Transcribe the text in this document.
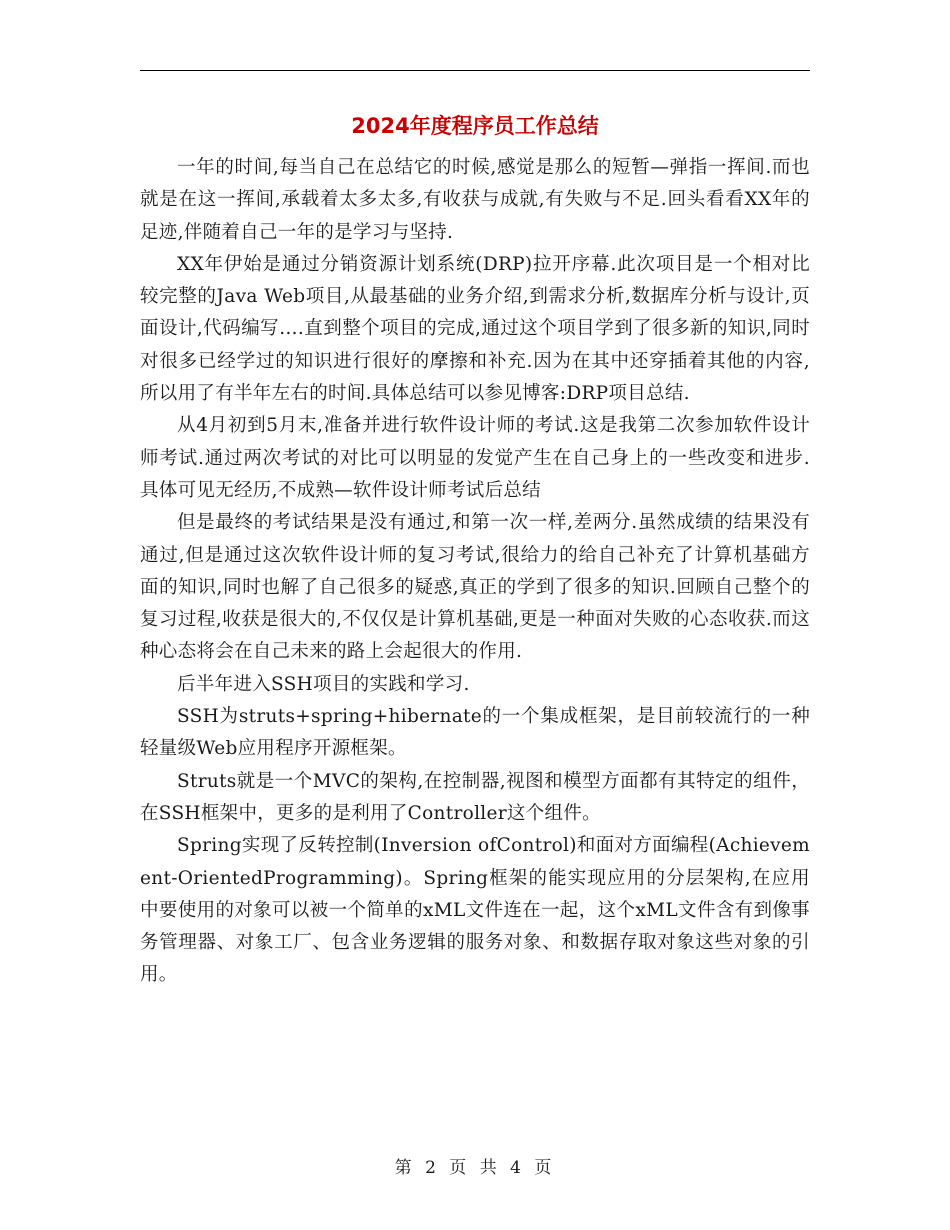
2024年度程序员工作总结

一年的时间,每当自己在总结它的时候,感觉是那么的短暂—弹指一挥间.而也就是在这一挥间,承载着太多太多,有收获与成就,有失败与不足.回头看看XX年的足迹,伴随着自己一年的是学习与坚持.

XX年伊始是通过分销资源计划系统(DRP)拉开序幕.此次项目是一个相对比较完整的Java Web项目,从最基础的业务介绍,到需求分析,数据库分析与设计,页面设计,代码编写….直到整个项目的完成,通过这个项目学到了很多新的知识,同时对很多已经学过的知识进行很好的摩擦和补充.因为在其中还穿插着其他的内容,所以用了有半年左右的时间.具体总结可以参见博客:DRP项目总结.

从4月初到5月末,准备并进行软件设计师的考试.这是我第二次参加软件设计师考试.通过两次考试的对比可以明显的发觉产生在自己身上的一些改变和进步.具体可见无经历,不成熟—软件设计师考试后总结

但是最终的考试结果是没有通过,和第一次一样,差两分.虽然成绩的结果没有通过,但是通过这次软件设计师的复习考试,很给力的给自己补充了计算机基础方面的知识,同时也解了自己很多的疑惑,真正的学到了很多的知识.回顾自己整个的复习过程,收获是很大的,不仅仅是计算机基础,更是一种面对失败的心态收获.而这种心态将会在自己未来的路上会起很大的作用.

后半年进入SSH项目的实践和学习.

SSH为struts+spring+hibernate的一个集成框架，是目前较流行的一种轻量级Web应用程序开源框架。

Struts就是一个MVC的架构,在控制器,视图和模型方面都有其特定的组件，在SSH框架中，更多的是利用了Controller这个组件。

Spring实现了反转控制(Inversion ofControl)和面对方面编程(Achievement-OrientedProgramming)。Spring框架的能实现应用的分层架构,在应用中要使用的对象可以被一个简单的xML文件连在一起，这个xML文件含有到像事务管理器、对象工厂、包含业务逻辑的服务对象、和数据存取对象这些对象的引用。

第 2 页 共 4 页
